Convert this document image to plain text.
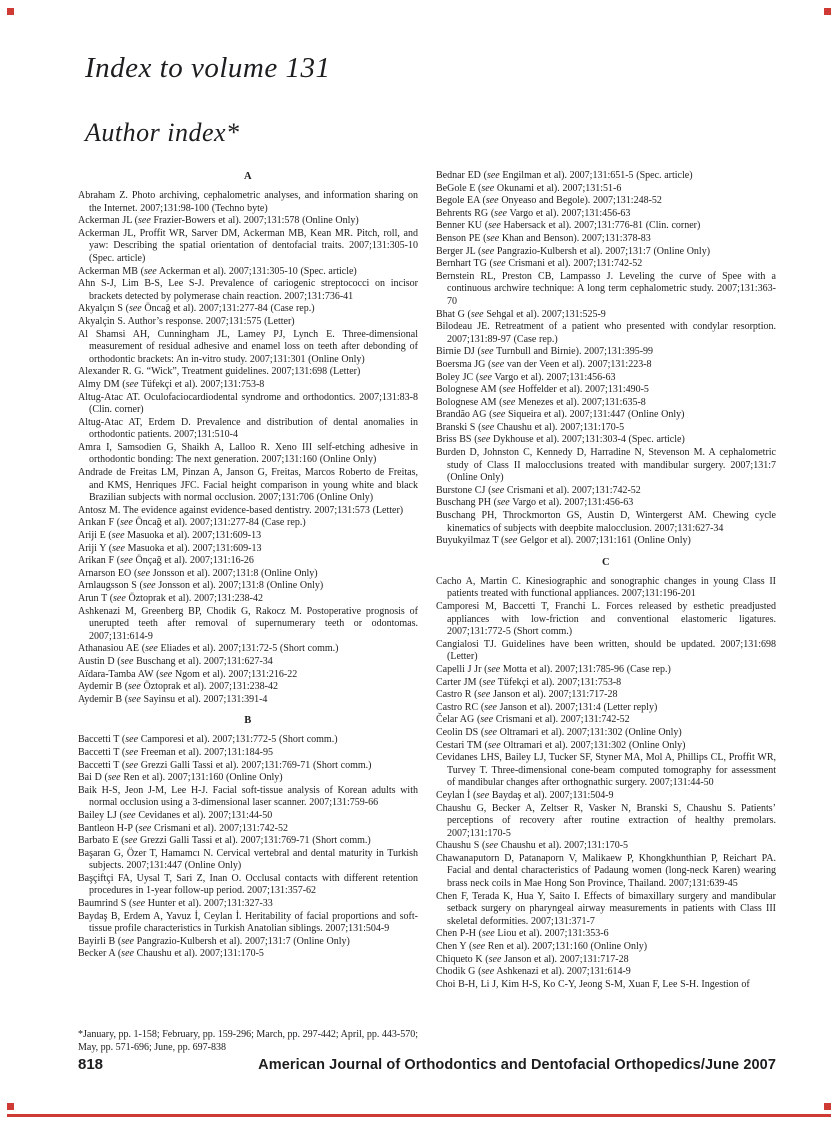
Index to volume 131
Author index*
A
Abraham Z. Photo archiving, cephalometric analyses, and information sharing on the Internet. 2007;131:98-100 (Techno byte)
Ackerman JL (see Frazier-Bowers et al). 2007;131:578 (Online Only)
Ackerman JL, Proffit WR, Sarver DM, Ackerman MB, Kean MR. Pitch, roll, and yaw: Describing the spatial orientation of dentofacial traits. 2007;131:305-10 (Spec. article)
Ackerman MB (see Ackerman et al). 2007;131:305-10 (Spec. article)
Ahn S-J, Lim B-S, Lee S-J. Prevalence of cariogenic streptococci on incisor brackets detected by polymerase chain reaction. 2007;131:736-41
Akyalçın S (see Öncağ et al). 2007;131:277-84 (Case rep.)
Akyalçin S. Author’s response. 2007;131:575 (Letter)
Al Shamsi AH, Cunningham JL, Lamey PJ, Lynch E. Three-dimensional measurement of residual adhesive and enamel loss on teeth after debonding of orthodontic brackets: An in-vitro study. 2007;131:301 (Online Only)
Alexander R. G. “Wick”, Treatment guidelines. 2007;131:698 (Letter)
Almy DM (see Tüfekçi et al). 2007;131:753-8
Altug-Atac AT. Oculofaciocardiodental syndrome and orthodontics. 2007;131:83-8 (Clin. corner)
Altug-Atac AT, Erdem D. Prevalence and distribution of dental anomalies in orthodontic patients. 2007;131:510-4
Amra I, Samsodien G, Shaikh A, Lalloo R. Xeno III self-etching adhesive in orthodontic bonding: The next generation. 2007;131:160 (Online Only)
Andrade de Freitas LM, Pinzan A, Janson G, Freitas, Marcos Roberto de Freitas, and KMS, Henriques JFC. Facial height comparison in young white and black Brazilian subjects with normal occlusion. 2007;131:706 (Online Only)
Antosz M. The evidence against evidence-based dentistry. 2007;131:573 (Letter)
Arıkan F (see Öncağ et al). 2007;131:277-84 (Case rep.)
Ariji E (see Masuoka et al). 2007;131:609-13
Ariji Y (see Masuoka et al). 2007;131:609-13
Arikan F (see Önçağ et al). 2007;131:16-26
Arnarson EO (see Jonsson et al). 2007;131:8 (Online Only)
Arnlaugsson S (see Jonsson et al). 2007;131:8 (Online Only)
Arun T (see Öztoprak et al). 2007;131:238-42
Ashkenazi M, Greenberg BP, Chodik G, Rakocz M. Postoperative prognosis of unerupted teeth after removal of supernumerary teeth or odontomas. 2007;131:614-9
Athanasiou AE (see Eliades et al). 2007;131:72-5 (Short comm.)
Austin D (see Buschang et al). 2007;131:627-34
Aïdara-Tamba AW (see Ngom et al). 2007;131:216-22
Aydemir B (see Öztoprak et al). 2007;131:238-42
Aydemir B (see Sayinsu et al). 2007;131:391-4
B
Baccetti T (see Camporesi et al). 2007;131:772-5 (Short comm.)
Baccetti T (see Freeman et al). 2007;131:184-95
Baccetti T (see Grezzi Galli Tassi et al). 2007;131:769-71 (Short comm.)
Bai D (see Ren et al). 2007;131:160 (Online Only)
Baik H-S, Jeon J-M, Lee H-J. Facial soft-tissue analysis of Korean adults with normal occlusion using a 3-dimensional laser scanner. 2007;131:759-66
Bailey LJ (see Cevidanes et al). 2007;131:44-50
Bantleon H-P (see Crismani et al). 2007;131:742-52
Barbato E (see Grezzi Galli Tassi et al). 2007;131:769-71 (Short comm.)
Başaran G, Özer T, Hamamcı N. Cervical vertebral and dental maturity in Turkish subjects. 2007;131:447 (Online Only)
Başçiftçi FA, Uysal T, Sari Z, Inan O. Occlusal contacts with different retention procedures in 1-year follow-up period. 2007;131:357-62
Baumrind S (see Hunter et al). 2007;131:327-33
Baydaş B, Erdem A, Yavuz İ, Ceylan İ. Heritability of facial proportions and soft-tissue profile characteristics in Turkish Anatolian siblings. 2007;131:504-9
Bayirli B (see Pangrazio-Kulbersh et al). 2007;131:7 (Online Only)
Becker A (see Chaushu et al). 2007;131:170-5
*January, pp. 1-158; February, pp. 159-296; March, pp. 297-442; April, pp. 443-570; May, pp. 571-696; June, pp. 697-838
Bednar ED (see Engilman et al). 2007;131:651-5 (Spec. article)
BeGole E (see Okunami et al). 2007;131:51-6
Begole EA (see Onyeaso and Begole). 2007;131:248-52
Behrents RG (see Vargo et al). 2007;131:456-63
Benner KU (see Habersack et al). 2007;131:776-81 (Clin. corner)
Benson PE (see Khan and Benson). 2007;131:378-83
Berger JL (see Pangrazio-Kulbersh et al). 2007;131:7 (Online Only)
Bernhart TG (see Crismani et al). 2007;131:742-52
Bernstein RL, Preston CB, Lampasso J. Leveling the curve of Spee with a continuous archwire technique: A long term cephalometric study. 2007;131:363-70
Bhat G (see Sehgal et al). 2007;131:525-9
Bilodeau JE. Retreatment of a patient who presented with condylar resorption. 2007;131:89-97 (Case rep.)
Birnie DJ (see Turnbull and Birnie). 2007;131:395-99
Boersma JG (see van der Veen et al). 2007;131:223-8
Boley JC (see Vargo et al). 2007;131:456-63
Bolognese AM (see Hoffelder et al). 2007;131:490-5
Bolognese AM (see Menezes et al). 2007;131:635-8
Brandão AG (see Siqueira et al). 2007;131:447 (Online Only)
Branski S (see Chaushu et al). 2007;131:170-5
Briss BS (see Dykhouse et al). 2007;131:303-4 (Spec. article)
Burden D, Johnston C, Kennedy D, Harradine N, Stevenson M. A cephalometric study of Class II malocclusions treated with mandibular surgery. 2007;131:7 (Online Only)
Burstone CJ (see Crismani et al). 2007;131:742-52
Buschang PH (see Vargo et al). 2007;131:456-63
Buschang PH, Throckmorton GS, Austin D, Wintergerst AM. Chewing cycle kinematics of subjects with deepbite malocclusion. 2007;131:627-34
Buyukyilmaz T (see Gelgor et al). 2007;131:161 (Online Only)
C
Cacho A, Martin C. Kinesiographic and sonographic changes in young Class II patients treated with functional appliances. 2007;131:196-201
Camporesi M, Baccetti T, Franchi L. Forces released by esthetic preadjusted appliances with low-friction and conventional elastomeric ligatures. 2007;131:772-5 (Short comm.)
Cangialosi TJ. Guidelines have been written, should be updated. 2007;131:698 (Letter)
Capelli J Jr (see Motta et al). 2007;131:785-96 (Case rep.)
Carter JM (see Tüfekçi et al). 2007;131:753-8
Castro R (see Janson et al). 2007;131:717-28
Castro RC (see Janson et al). 2007;131:4 (Letter reply)
Čelar AG (see Crismani et al). 2007;131:742-52
Ceolin DS (see Oltramari et al). 2007;131:302 (Online Only)
Cestari TM (see Oltramari et al). 2007;131:302 (Online Only)
Cevidanes LHS, Bailey LJ, Tucker SF, Styner MA, Mol A, Phillips CL, Proffit WR, Turvey T. Three-dimensional cone-beam computed tomography for assessment of mandibular changes after orthognathic surgery. 2007;131:44-50
Ceylan İ (see Baydaş et al). 2007;131:504-9
Chaushu G, Becker A, Zeltser R, Vasker N, Branski S, Chaushu S. Patients’ perceptions of recovery after routine extraction of healthy premolars. 2007;131:170-5
Chaushu S (see Chaushu et al). 2007;131:170-5
Chawanaputorn D, Patanaporn V, Malikaew P, Khongkhunthian P, Reichart PA. Facial and dental characteristics of Padaung women (long-neck Karen) wearing brass neck coils in Mae Hong Son Province, Thailand. 2007;131:639-45
Chen F, Terada K, Hua Y, Saito I. Effects of bimaxillary surgery and mandibular setback surgery on pharyngeal airway measurements in patients with Class III skeletal deformities. 2007;131:371-7
Chen P-H (see Liou et al). 2007;131:353-6
Chen Y (see Ren et al). 2007;131:160 (Online Only)
Chiqueto K (see Janson et al). 2007;131:717-28
Chodik G (see Ashkenazi et al). 2007;131:614-9
Choi B-H, Li J, Kim H-S, Ko C-Y, Jeong S-M, Xuan F, Lee S-H. Ingestion of
818	American Journal of Orthodontics and Dentofacial Orthopedics/June 2007
